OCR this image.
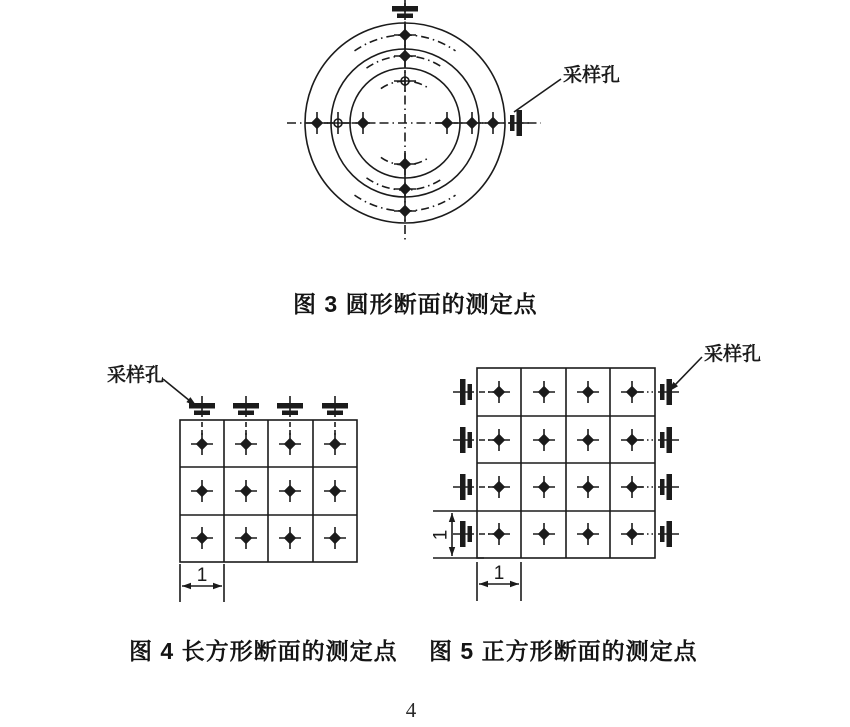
采样孔
1
采样孔
1
1
采样孔
图 3 圆形断面的测定点
图 4 长方形断面的测定点 图 5 正方形断面的测定点
4
